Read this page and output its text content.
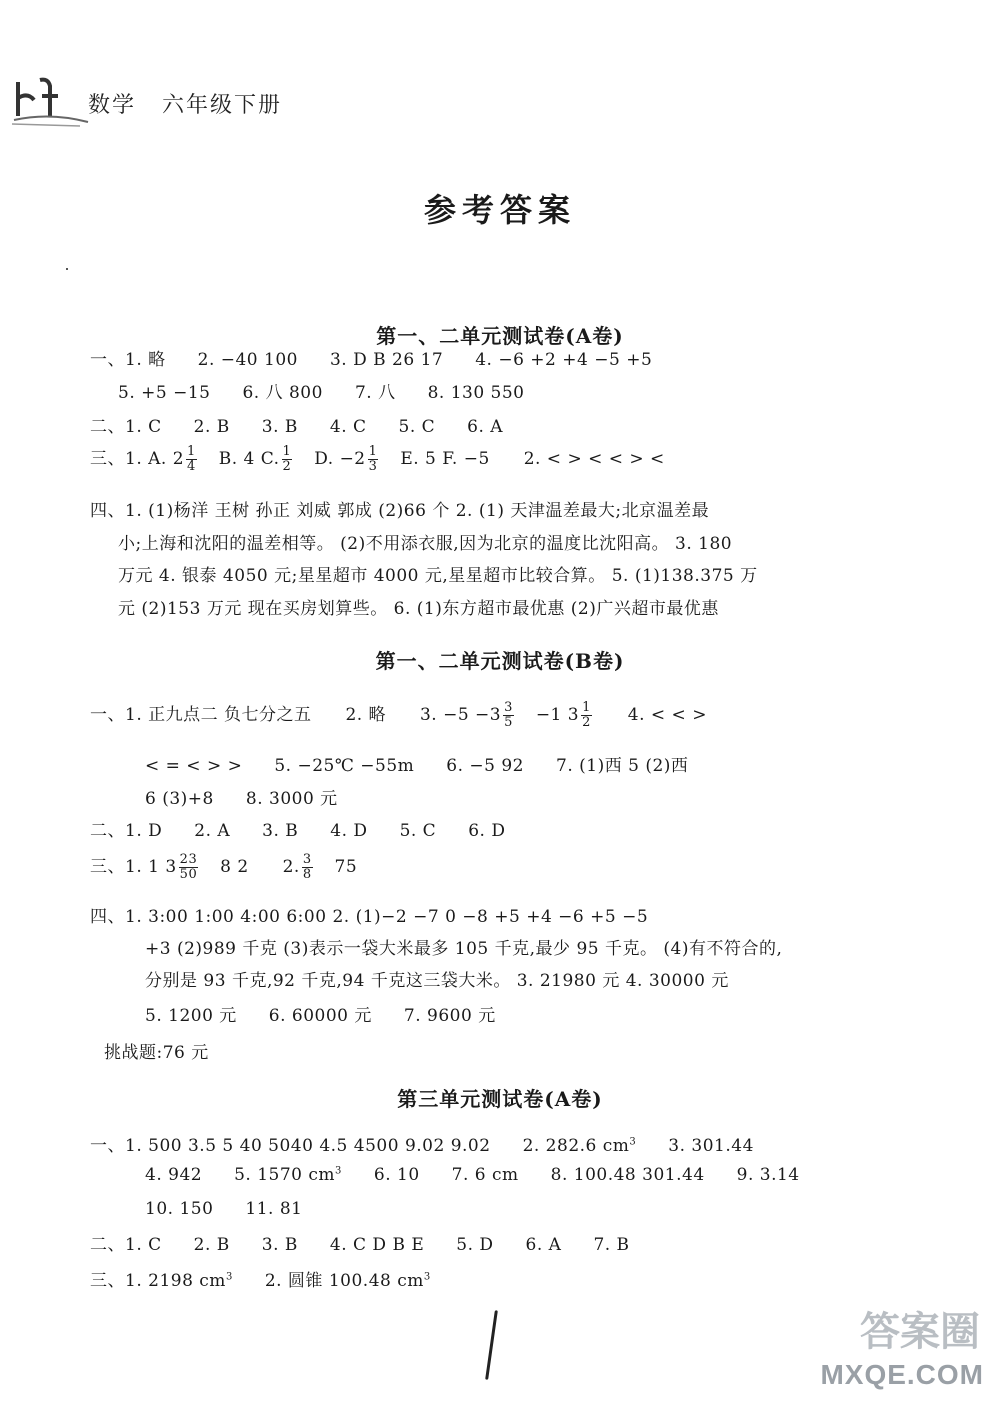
数学 六年级下册
参考答案
第一、二单元测试卷(A卷)
一、1. 略 2. −40 100 3. D B 26 17 4. −6 +2 +4 −5 +5
5. +5 −15 6. 八 800 7. 八 8. 130 550
二、1. C 2. B 3. B 4. C 5. C 6. A
三、1. A. $2 \frac{1}{4} B$. 4 C. $\frac{1}{2} D$. $-2 \frac{1}{3} E$. 5 F. −5 2. < > < < > <
四、1. (1)杨洋 王树 孙正 刘威 郭成 (2)66 个 2. (1) 天津温差最大;北京温差最
小;上海和沈阳的温差相等。 (2)不用添衣服,因为北京的温度比沈阳高。 3. 180
万元 4. 银泰 4050 元;星星超市 4000 元,星星超市比较合算。 5. (1)138.375 万
元 (2)153 万元 现在买房划算些。 6. (1)东方超市最优惠 (2)广兴超市最优惠
第一、二单元测试卷(B卷)
一、1. 正九点二 负七分之五 2. 略 3. $-5 -3 \frac{3}{5} -1$ $3 \frac{1}{2} 4$. < < >
< = < > > 5. −25℃ −55m 6. −5 92 7. (1)西 5 (2)西
6 (3)+8 8. 3000 元
二、1. D 2. A 3. B 4. D 5. C 6. D
三、1. 1 $3 \frac{23}{50} 8$ 2 2. $\frac{3}{8} 75$
四、1. 3:00 1:00 4:00 6:00 2. (1)−2 −7 0 −8 +5 +4 −6 +5 −5
+3 (2)989 千克 (3)表示一袋大米最多 105 千克,最少 95 千克。 (4)有不符合的,
分别是 93 千克,92 千克,94 千克这三袋大米。 3. 21980 元 4. 30000 元
5. 1200 元 6. 60000 元 7. 9600 元
挑战题:76 元
第三单元测试卷(A卷)
一、1. 500 3.5 5 40 5040 4.5 4500 9.02 9.02 2. 282.6 $cm^3$ 3. 301.44
4. 942 5. 1570 $cm^3$ 6. 10 7. 6 cm 8. 100.48 301.44 9. 3.14
10. 150 11. 81
二、1. C 2. B 3. B 4. C D B E 5. D 6. A 7. B
三、1. 2198 $cm^3$ 2. 圆锥 100.48 $cm^3$
答案圈
MXQE.COM
